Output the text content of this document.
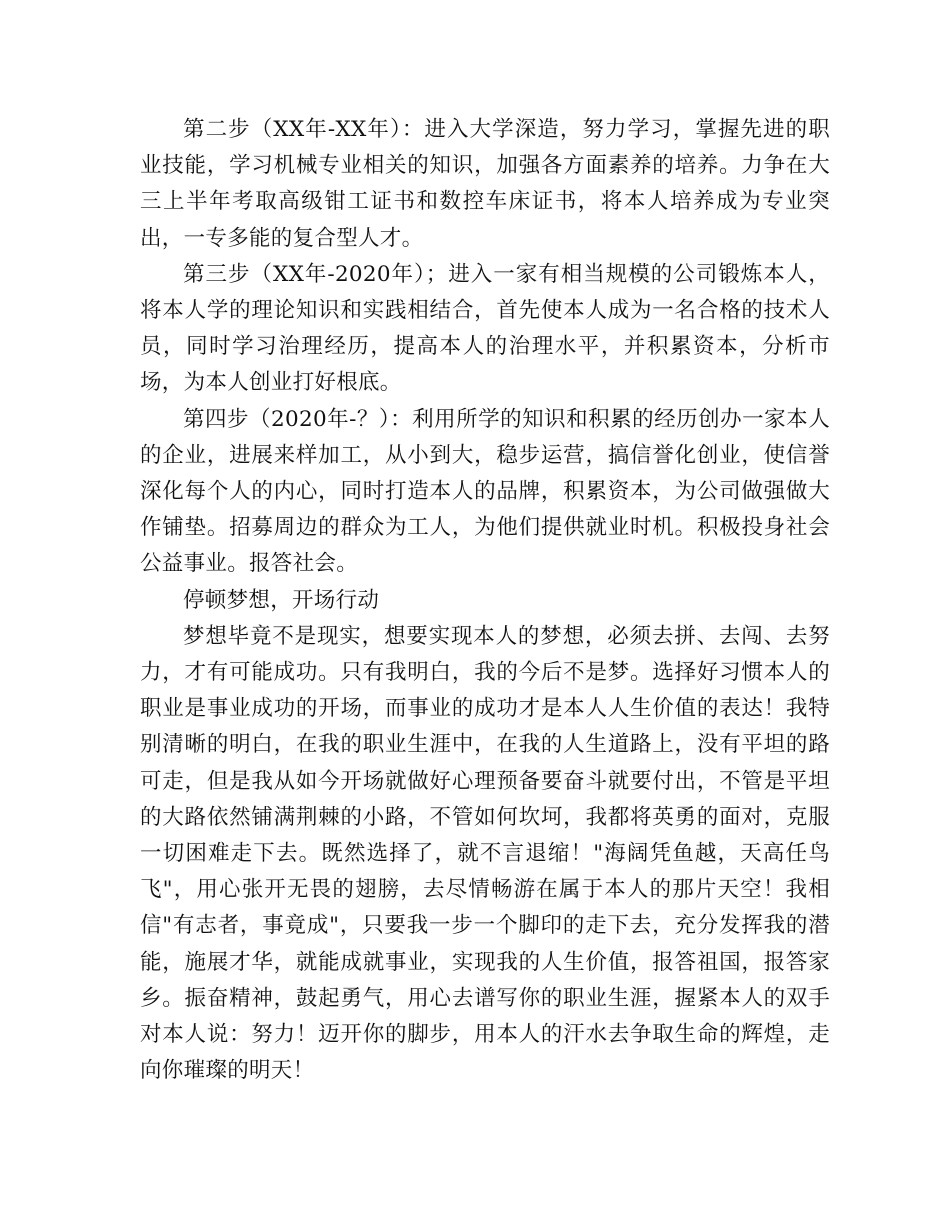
第二步（XX年-XX年）：进入大学深造，努力学习，掌握先进的职业技能，学习机械专业相关的知识，加强各方面素养的培养。力争在大三上半年考取高级钳工证书和数控车床证书，将本人培养成为专业突出，一专多能的复合型人才。

第三步（XX年-2020年）；进入一家有相当规模的公司锻炼本人，将本人学的理论知识和实践相结合，首先使本人成为一名合格的技术人员，同时学习治理经历，提高本人的治理水平，并积累资本，分析市场，为本人创业打好根底。

第四步（2020年-？）：利用所学的知识和积累的经历创办一家本人的企业，进展来样加工，从小到大，稳步运营，搞信誉化创业，使信誉深化每个人的内心，同时打造本人的品牌，积累资本，为公司做强做大作铺垫。招募周边的群众为工人，为他们提供就业时机。积极投身社会公益事业。报答社会。

停顿梦想，开场行动

梦想毕竟不是现实，想要实现本人的梦想，必须去拼、去闯、去努力，才有可能成功。只有我明白，我的今后不是梦。选择好习惯本人的职业是事业成功的开场，而事业的成功才是本人人生价值的表达！我特别清晰的明白，在我的职业生涯中，在我的人生道路上，没有平坦的路可走，但是我从如今开场就做好心理预备要奋斗就要付出，不管是平坦的大路依然铺满荆棘的小路，不管如何坎坷，我都将英勇的面对，克服一切困难走下去。既然选择了，就不言退缩！"海阔凭鱼越，天高任鸟飞"，用心张开无畏的翅膀，去尽情畅游在属于本人的那片天空！我相信"有志者，事竟成"，只要我一步一个脚印的走下去，充分发挥我的潜能，施展才华，就能成就事业，实现我的人生价值，报答祖国，报答家乡。振奋精神，鼓起勇气，用心去谱写你的职业生涯，握紧本人的双手对本人说：努力！迈开你的脚步，用本人的汗水去争取生命的辉煌，走向你璀璨的明天！
